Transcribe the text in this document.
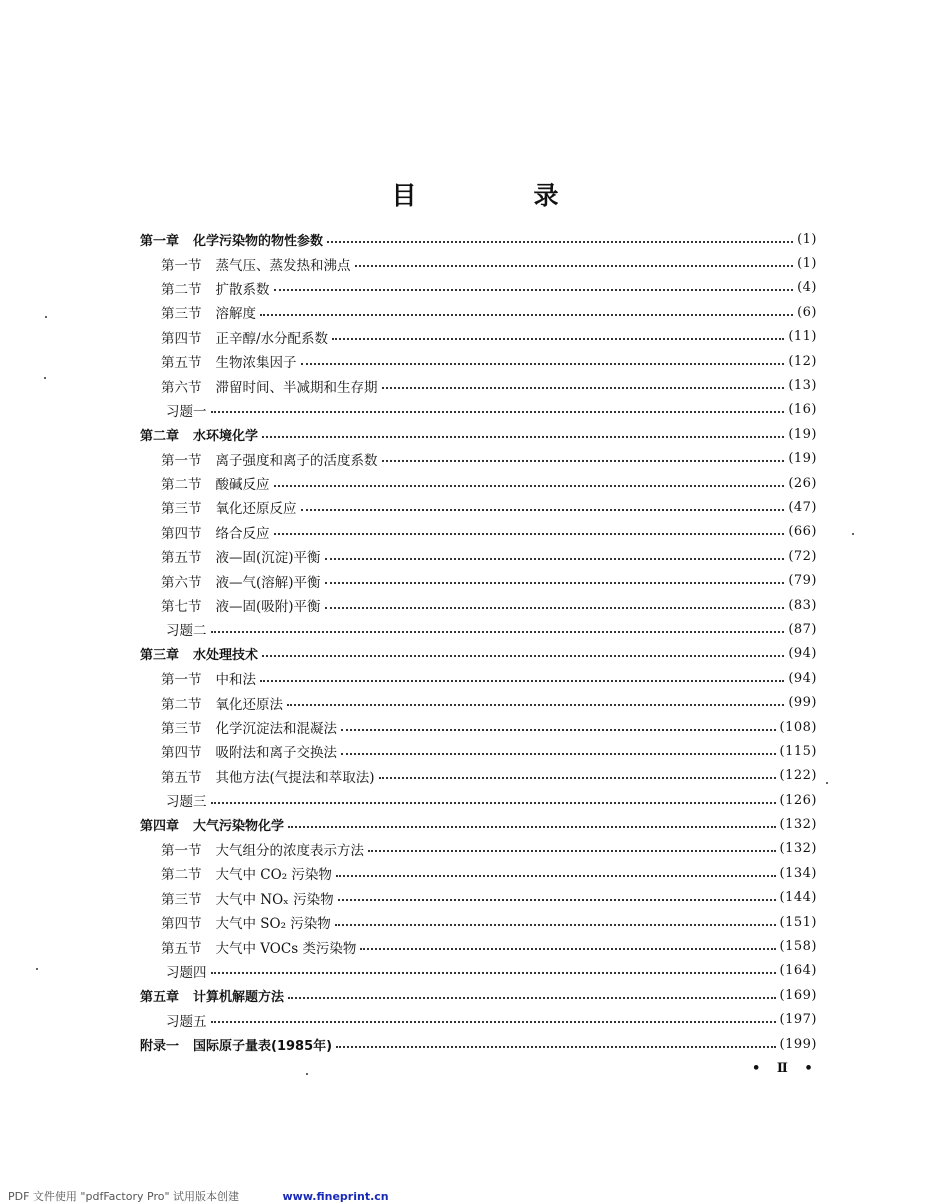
目　录
第一章 化学污染物的物性参数	(1)
第一节 蒸气压、蒸发热和沸点	(1)
第二节 扩散系数	(4)
第三节 溶解度	(6)
第四节 正辛醇/水分配系数	(11)
第五节 生物浓集因子	(12)
第六节 滞留时间、半减期和生存期	(13)
习题一	(16)
第二章 水环境化学	(19)
第一节 离子强度和离子的活度系数	(19)
第二节 酸碱反应	(26)
第三节 氧化还原反应	(47)
第四节 络合反应	(66)
第五节 液—固(沉淀)平衡	(72)
第六节 液—气(溶解)平衡	(79)
第七节 液—固(吸附)平衡	(83)
习题二	(87)
第三章 水处理技术	(94)
第一节 中和法	(94)
第二节 氧化还原法	(99)
第三节 化学沉淀法和混凝法	(108)
第四节 吸附法和离子交换法	(115)
第五节 其他方法(气提法和萃取法)	(122)
习题三	(126)
第四章 大气污染物化学	(132)
第一节 大气组分的浓度表示方法	(132)
第二节 大气中 CO₂ 污染物	(134)
第三节 大气中 NOₓ 污染物	(144)
第四节 大气中 SO₂ 污染物	(151)
第五节 大气中 VOCs 类污染物	(158)
习题四	(164)
第五章 计算机解题方法	(169)
习题五	(197)
附录一 国际原子量表(1985年)	(199)
• Ⅱ •
PDF 文件使用 "pdfFactory Pro" 试用版本创建	www.fineprint.cn
